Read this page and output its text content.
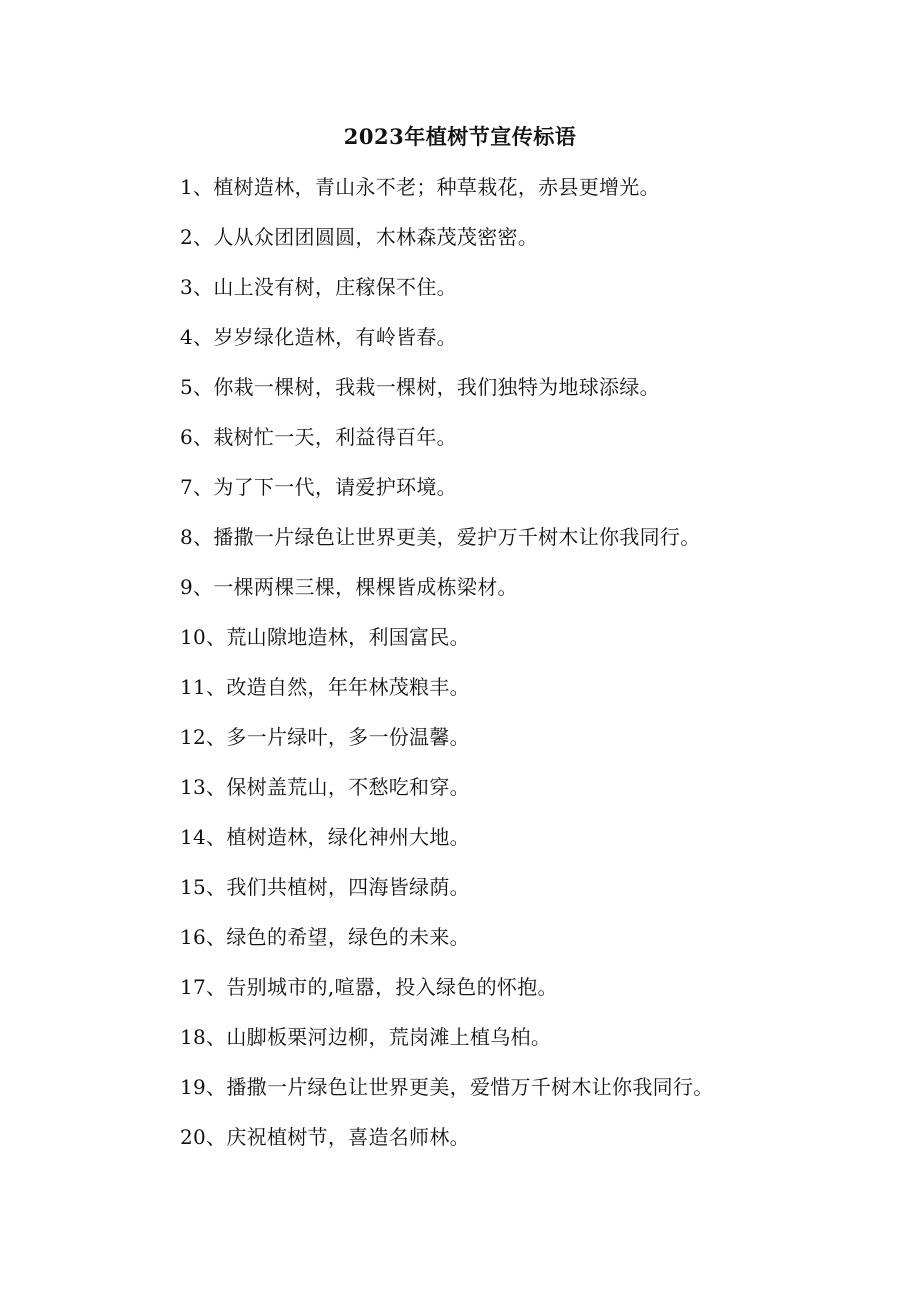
2023年植树节宣传标语
1、植树造林，青山永不老；种草栽花，赤县更增光。
2、人从众团团圆圆，木林森茂茂密密。
3、山上没有树，庄稼保不住。
4、岁岁绿化造林，有岭皆春。
5、你栽一棵树，我栽一棵树，我们独特为地球添绿。
6、栽树忙一天，利益得百年。
7、为了下一代，请爱护环境。
8、播撒一片绿色让世界更美，爱护万千树木让你我同行。
9、一棵两棵三棵，棵棵皆成栋梁材。
10、荒山隙地造林，利国富民。
11、改造自然，年年林茂粮丰。
12、多一片绿叶，多一份温馨。
13、保树盖荒山，不愁吃和穿。
14、植树造林，绿化神州大地。
15、我们共植树，四海皆绿荫。
16、绿色的希望，绿色的未来。
17、告别城市的,喧嚣，投入绿色的怀抱。
18、山脚板栗河边柳，荒岗滩上植乌柏。
19、播撒一片绿色让世界更美，爱惜万千树木让你我同行。
20、庆祝植树节，喜造名师林。
